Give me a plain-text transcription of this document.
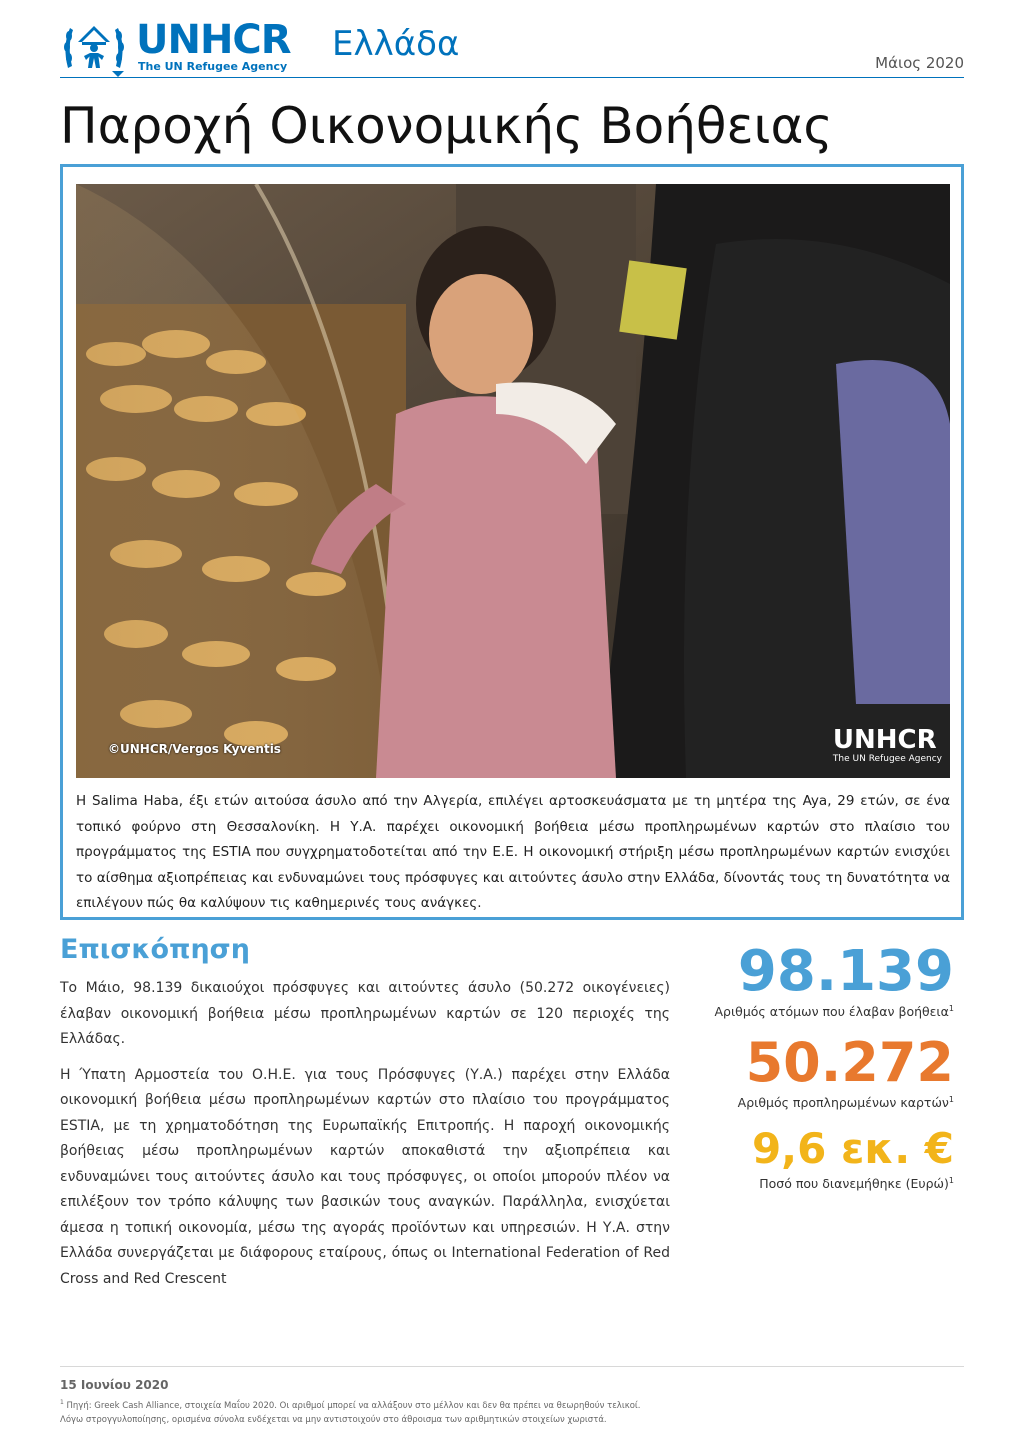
UNHCR
The UN Refugee Agency
Ελλάδα	Μάιος 2020
Παροχή Οικονομικής Βοήθειας
©UNHCR/Vergos Kyventis	UNHCR
The UN Refugee Agency
Η Salima Haba, έξι ετών αιτούσα άσυλο από την Αλγερία, επιλέγει αρτοσκευάσματα με τη μητέρα της Aya, 29 ετών, σε ένα τοπικό φούρνο στη Θεσσαλονίκη. Η Υ.Α. παρέχει οικονομική βοήθεια μέσω προπληρωμένων καρτών στο πλαίσιο του προγράμματος της ESTIA που συγχρηματοδοτείται από την Ε.Ε. Η οικονομική στήριξη μέσω προπληρωμένων καρτών ενισχύει το αίσθημα αξιοπρέπειας και ενδυναμώνει τους πρόσφυγες και αιτούντες άσυλο στην Ελλάδα, δίνοντάς τους τη δυνατότητα να επιλέγουν πώς θα καλύψουν τις καθημερινές τους ανάγκες.
Επισκόπηση

Το Μάιο, 98.139 δικαιούχοι πρόσφυγες και αιτούντες άσυλο (50.272 οικογένειες) έλαβαν οικονομική βοήθεια μέσω προπληρωμένων καρτών σε 120 περιοχές της Ελλάδας.

Η Ύπατη Αρμοστεία του Ο.Η.Ε. για τους Πρόσφυγες (Υ.Α.) παρέχει στην Ελλάδα οικονομική βοήθεια μέσω προπληρωμένων καρτών στο πλαίσιο του προγράμματος ESTIA, με τη χρηματοδότηση της Ευρωπαϊκής Επιτροπής. Η παροχή οικονομικής βοήθειας μέσω προπληρωμένων καρτών αποκαθιστά την αξιοπρέπεια και ενδυναμώνει τους αιτούντες άσυλο και τους πρόσφυγες, οι οποίοι μπορούν πλέον να επιλέξουν τον τρόπο κάλυψης των βασικών τους αναγκών. Παράλληλα, ενισχύεται άμεσα η τοπική οικονομία, μέσω της αγοράς προϊόντων και υπηρεσιών. Η Υ.Α. στην Ελλάδα συνεργάζεται με διάφορους εταίρους, όπως οι International Federation of Red Cross and Red Crescent

98.139
Αριθμός ατόμων που έλαβαν βοήθεια$^1$
50.272
Αριθμός προπληρωμένων καρτών$^1$
9,6 εκ. €
Ποσό που διανεμήθηκε $(E\upsilon\rho ώ)^1$
15 Ιουνίου 2020
$^1$ Πηγή: Greek Cash Alliance, στοιχεία Μαΐου 2020. Οι αριθμοί μπορεί να αλλάξουν στο μέλλον και δεν θα πρέπει να θεωρηθούν τελικοί.
Λόγω στρογγυλοποίησης, ορισμένα σύνολα ενδέχεται να μην αντιστοιχούν στο άθροισμα των αριθμητικών στοιχείων χωριστά.
